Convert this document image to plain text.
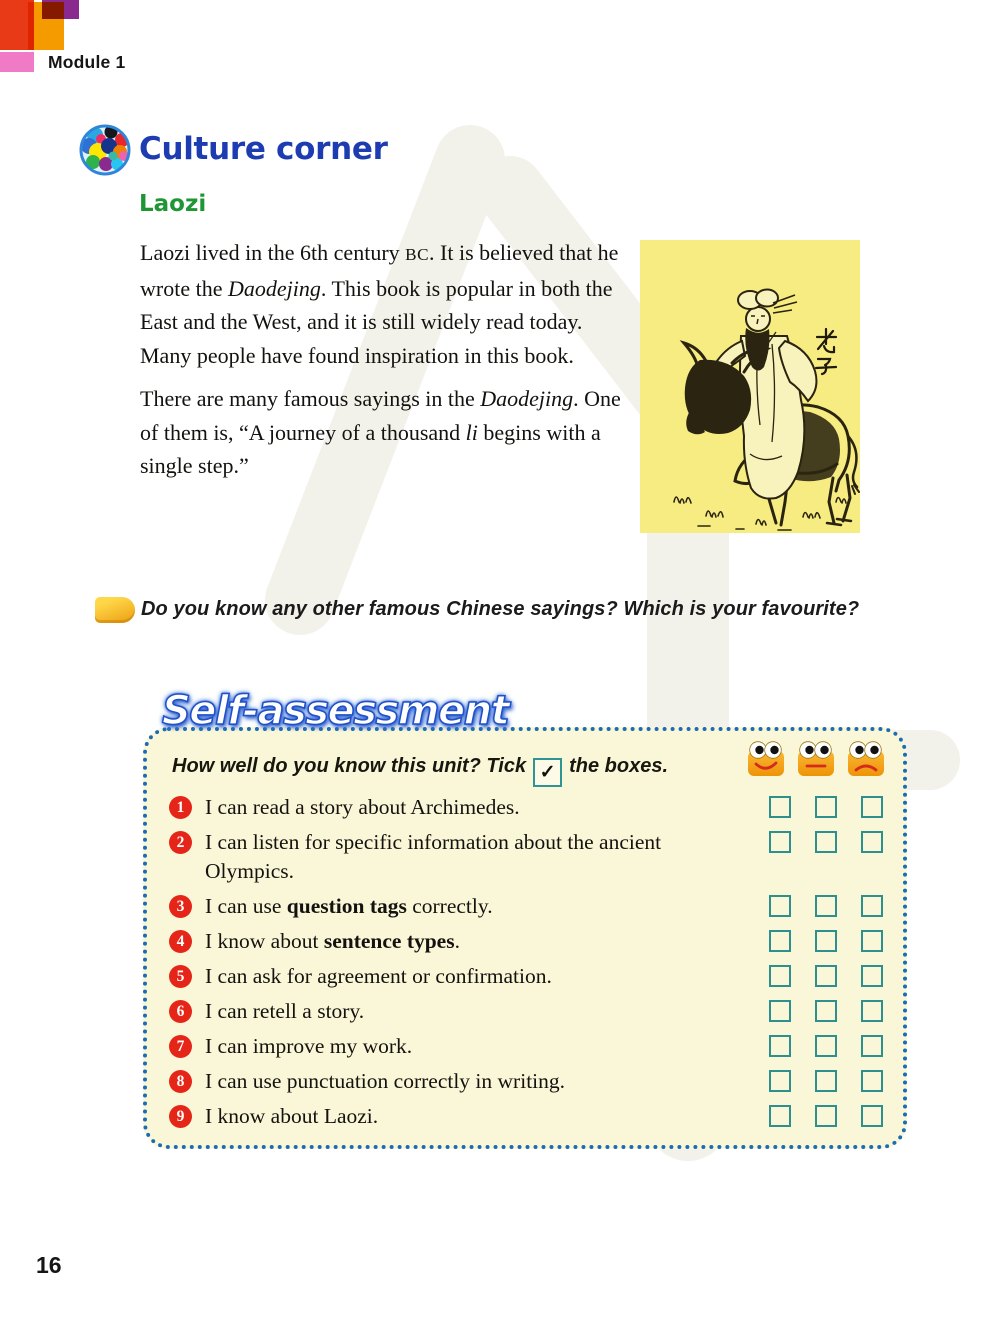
Module 1
Culture corner
Laozi

Laozi lived in the 6th century BC. It is believed that he wrote the Daodejing. This book is popular in both the East and the West, and it is still widely read today. Many people have found inspiration in this book.

There are many famous sayings in the Daodejing. One of them is, “A journey of a thousand li begins with a single step.”

Do you know any other famous Chinese sayings? Which is your favourite?
Self-assessment
How well do you know this unit? Tick ✓ the boxes.
1 I can read a story about Archimedes.
2 I can listen for specific information about the ancient Olympics.
3 I can use question tags correctly.
4 I know about sentence types.
5 I can ask for agreement or confirmation.
6 I can retell a story.
7 I can improve my work.
8 I can use punctuation correctly in writing.
9 I know about Laozi.
16
